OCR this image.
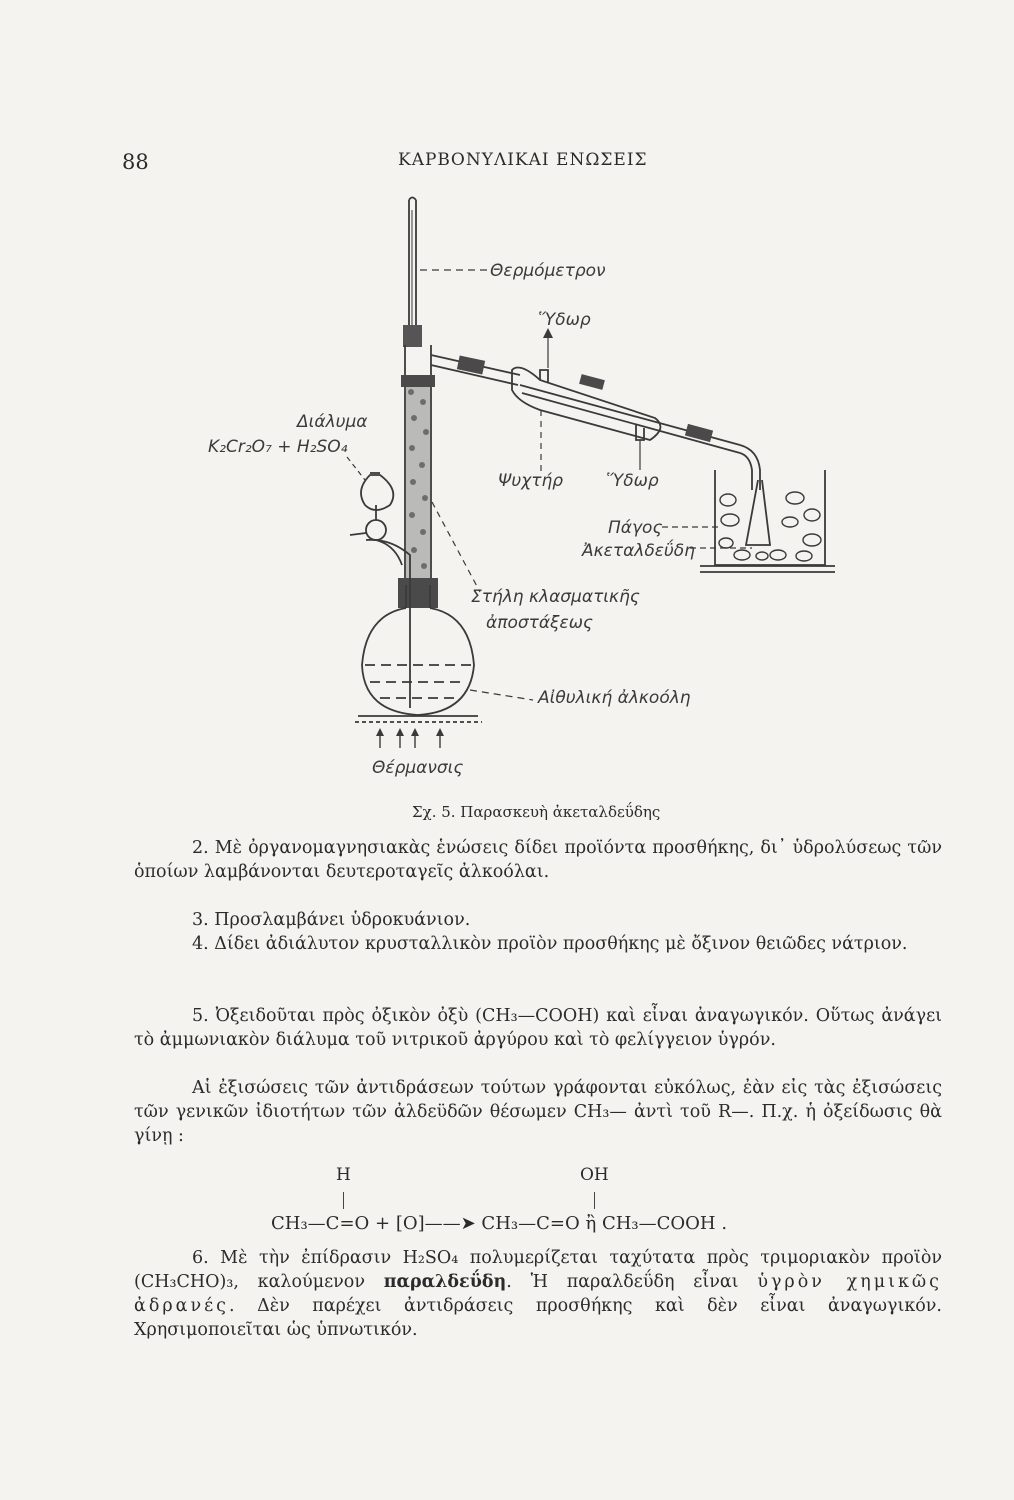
88	ΚΑΡΒΟΝΥΛΙΚΑΙ ΕΝΩΣΕΙΣ
Θερμόμετρον
Ὕδωρ
Διάλυμα
K₂Cr₂O₇ + H₂SO₄
Ψυχτήρ	Ὕδωρ
Πάγος
Ἀκεταλδεΰδη
Στήλη κλασματικῆς
ἀποστάξεως
Αἰθυλική ἀλκοόλη
Θέρμανσις
Σχ. 5. Παρασκευὴ ἀκεταλδεΰδης

2. Μὲ ὀργανομαγνησιακὰς ἑνώσεις δίδει προϊόντα προσθήκης, δι᾿ ὑδρολύσεως τῶν ὁποίων λαμβάνονται δευτεροταγεῖς ἀλκοόλαι.

3. Προσλαμβάνει ὑδροκυάνιον.

4. Δίδει ἀδιάλυτον κρυσταλλικὸν προϊὸν προσθήκης μὲ ὄξινον θειῶδες νάτριον.

5. Ὀξειδοῦται πρὸς ὀξικὸν ὀξὺ (CH₃—COOH) καὶ εἶναι ἀναγωγικόν. Οὕτως ἀνάγει τὸ ἀμμωνιακὸν διάλυμα τοῦ νιτρικοῦ ἀργύρου καὶ τὸ φελίγγειον ὑγρόν.

Αἱ ἐξισώσεις τῶν ἀντιδράσεων τούτων γράφονται εὐκόλως, ἐὰν εἰς τὰς ἐξισώσεις τῶν γενικῶν ἰδιοτήτων τῶν ἀλδεϋδῶν θέσωμεν CH₃— ἀντὶ τοῦ R—. Π.χ. ἡ ὀξείδωσις θὰ γίνῃ :

H	OH
CH₃—C=O + [O]——➤ CH₃—C=O ἢ CH₃—COOH .

6. Μὲ τὴν ἐπίδρασιν H₂SO₄ πολυμερίζεται ταχύτατα πρὸς τριμοριακὸν προϊὸν (CH₃CHO)₃, καλούμενον παραλδεΰδη. Ἡ παραλδεΰδη εἶναι ὑγρὸν χημικῶς ἀδρανές. Δὲν παρέχει ἀντιδράσεις προσθήκης καὶ δὲν εἶναι ἀναγωγικόν. Χρησιμοποιεῖται ὡς ὑπνωτικόν.
